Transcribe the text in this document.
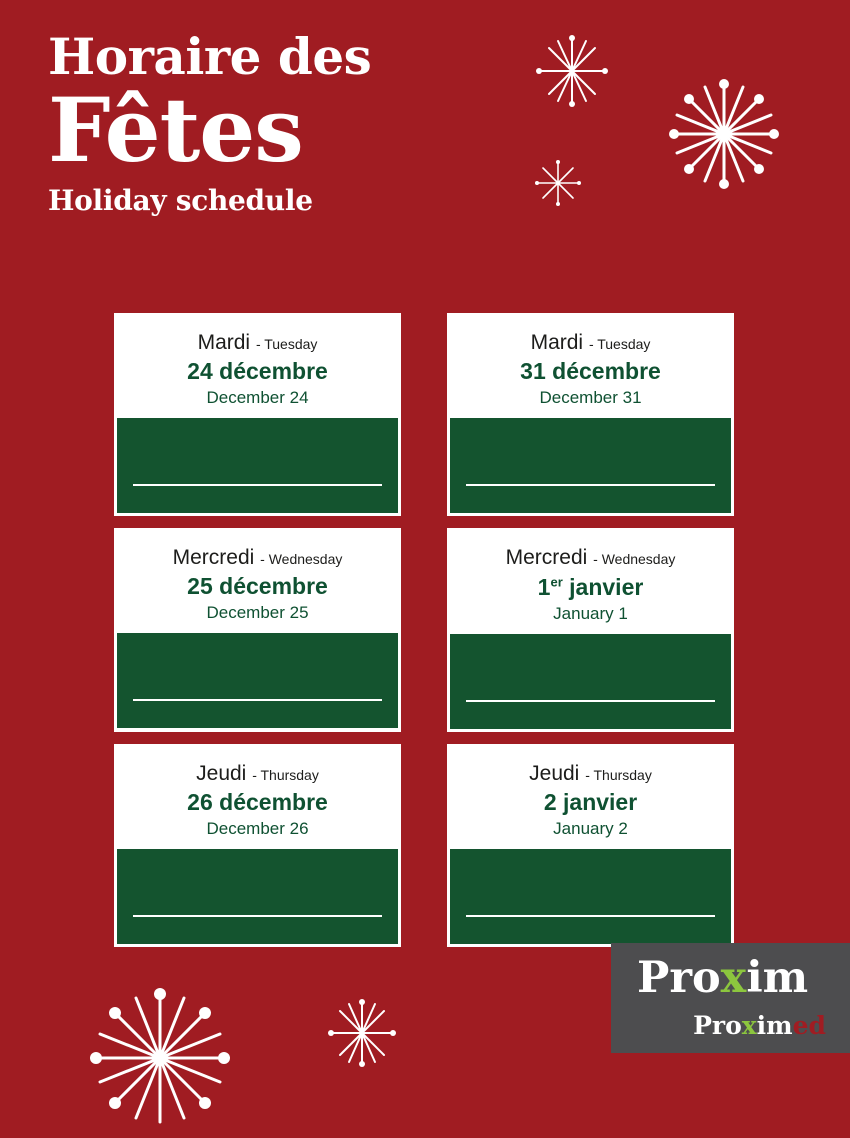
Horaire des
Fêtes
Holiday schedule
Mardi - Tuesday
24 décembre
December 24
Mardi - Tuesday
31 décembre
December 31
Mercredi - Wednesday
25 décembre
December 25
Mercredi - Wednesday
1er janvier
January 1
Jeudi - Thursday
26 décembre
December 26
Jeudi - Thursday
2 janvier
January 2
Proxim
Proximed
